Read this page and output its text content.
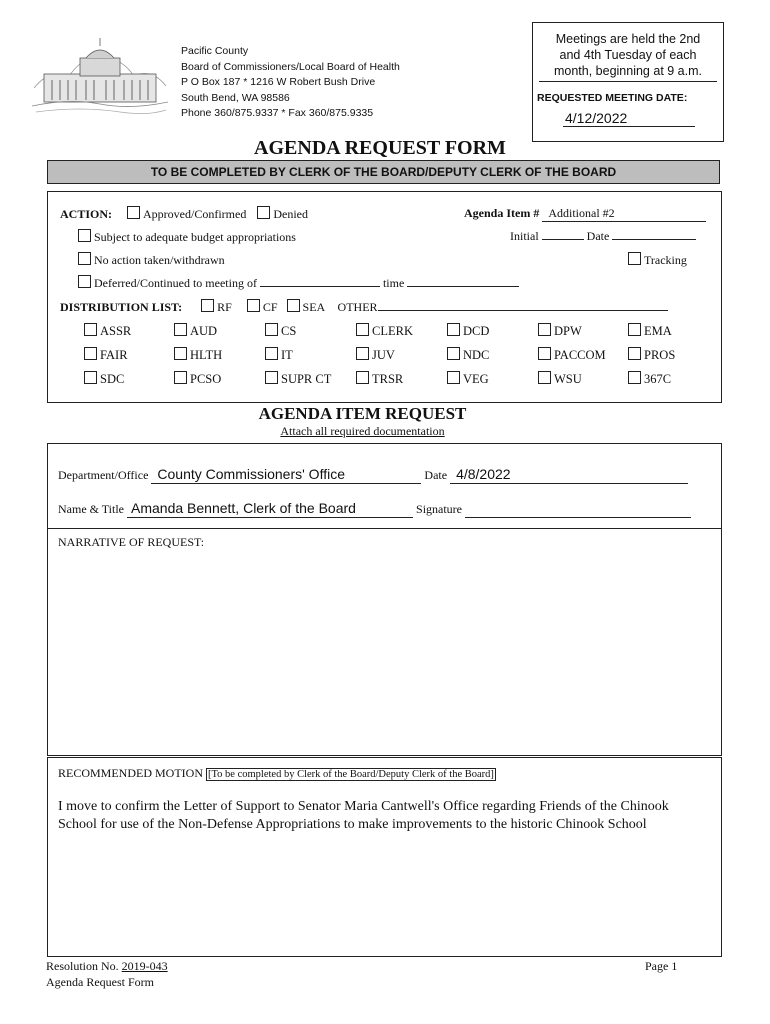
Pacific County
Board of Commissioners/Local Board of Health
P O Box 187 * 1216 W Robert Bush Drive
South Bend, WA 98586
Phone 360/875.9337 * Fax 360/875.9335
Meetings are held the 2nd and 4th Tuesday of each month, beginning at 9 a.m.
REQUESTED MEETING DATE:
4/12/2022
AGENDA REQUEST FORM
TO BE COMPLETED BY CLERK OF THE BOARD/DEPUTY CLERK OF THE BOARD
ACTION:	Approved/Confirmed Denied	Agenda Item # Additional #2
Subject to adequate budget appropriations	Initial	Date
No action taken/withdrawn	Tracking
Deferred/Continued to meeting of	time
DISTRIBUTION LIST:	RF	CF SEA OTHER
ASSR	AUD	CS	CLERK	DCD	DPW	EMA
FAIR	HLTH	IT	JUV	NDC	PACCOM	PROS
SDC	PCSO	SUPR CT	TRSR	VEG	WSU	367C
AGENDA ITEM REQUEST
Attach all required documentation
Department/Office County Commissioners' Office	Date 4/8/2022

Name & Title Amanda Bennett, Clerk of the Board	Signature
NARRATIVE OF REQUEST:
RECOMMENDED MOTION [To be completed by Clerk of the Board/Deputy Clerk of the Board]
I move to confirm the Letter of Support to Senator Maria Cantwell's Office regarding Friends of the Chinook School for use of the Non-Defense Appropriations to make improvements to the historic Chinook School
Resolution No. 2019-043
Agenda Request Form
Page 1
